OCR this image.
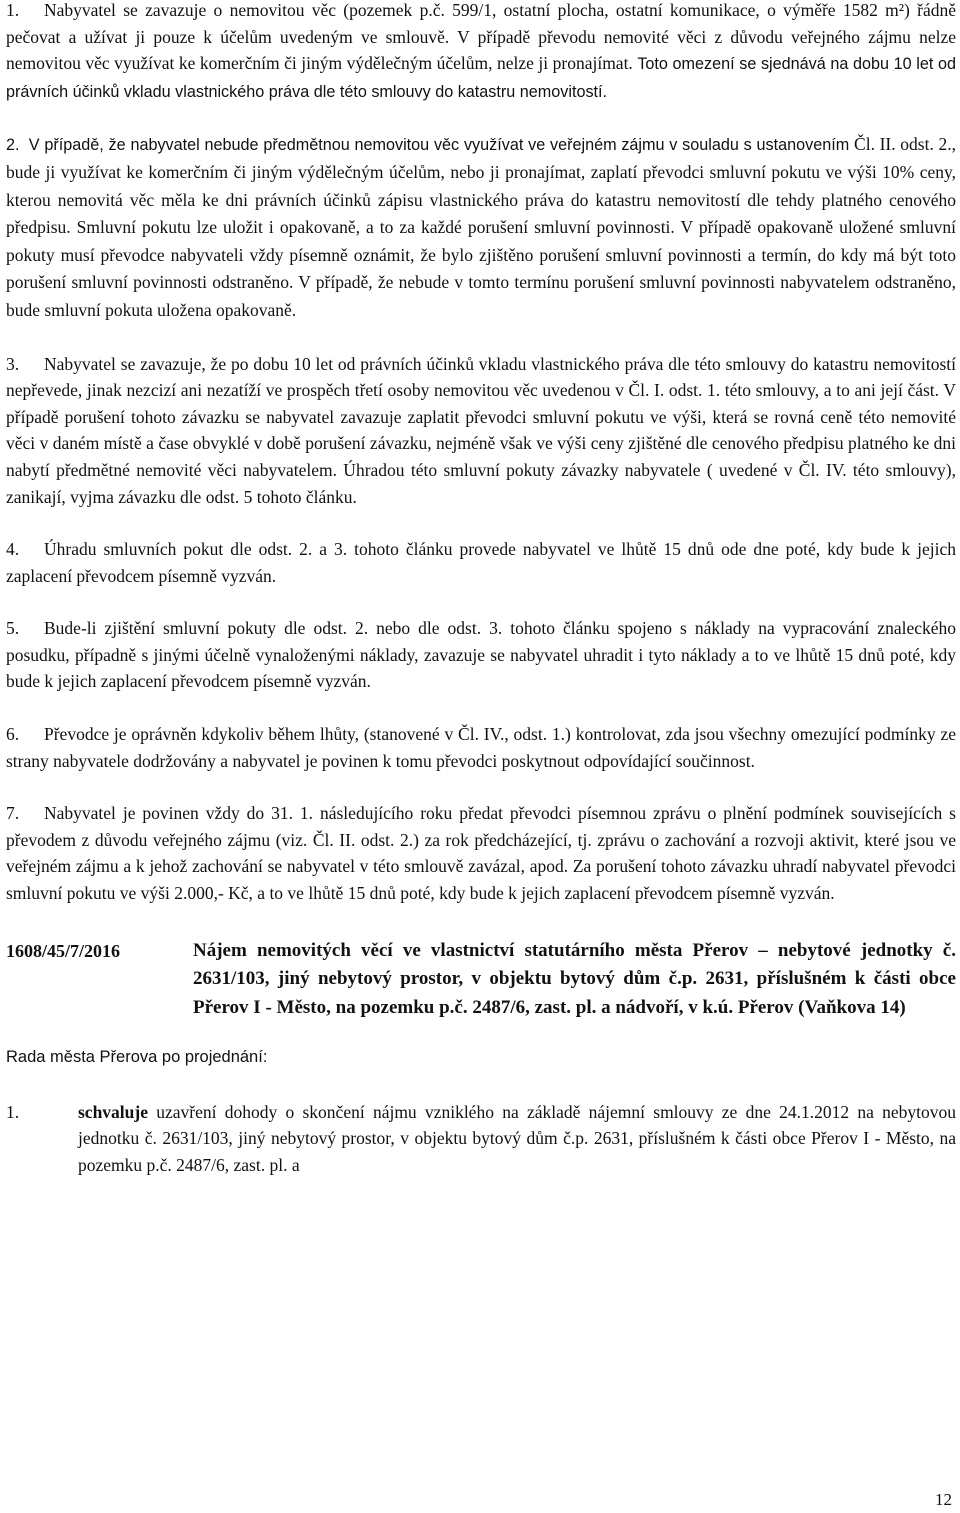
1. Nabyvatel se zavazuje o nemovitou věc (pozemek p.č. 599/1, ostatní plocha, ostatní komunikace, o výměře 1582 m²) řádně pečovat a užívat ji pouze k účelům uvedeným ve smlouvě. V případě převodu nemovité věci z důvodu veřejného zájmu nelze nemovitou věc využívat ke komerčním či jiným výdělečným účelům, nelze ji pronajímat. Toto omezení se sjednává na dobu 10 let od právních účinků vkladu vlastnického práva dle této smlouvy do katastru nemovitostí.

2. V případě, že nabyvatel nebude předmětnou nemovitou věc využívat ve veřejném zájmu v souladu s ustanovením Čl. II. odst. 2., bude ji využívat ke komerčním či jiným výdělečným účelům, nebo ji pronajímat, zaplatí převodci smluvní pokutu ve výši 10% ceny, kterou nemovitá věc měla ke dni právních účinků zápisu vlastnického práva do katastru nemovitostí dle tehdy platného cenového předpisu. Smluvní pokutu lze uložit i opakovaně, a to za každé porušení smluvní povinnosti. V případě opakovaně uložené smluvní pokuty musí převodce nabyvateli vždy písemně oznámit, že bylo zjištěno porušení smluvní povinnosti a termín, do kdy má být toto porušení smluvní povinnosti odstraněno. V případě, že nebude v tomto termínu porušení smluvní povinnosti nabyvatelem odstraněno, bude smluvní pokuta uložena opakovaně.

3. Nabyvatel se zavazuje, že po dobu 10 let od právních účinků vkladu vlastnického práva dle této smlouvy do katastru nemovitostí nepřevede, jinak nezcizí ani nezatíží ve prospěch třetí osoby nemovitou věc uvedenou v Čl. I. odst. 1. této smlouvy, a to ani její část. V případě porušení tohoto závazku se nabyvatel zavazuje zaplatit převodci smluvní pokutu ve výši, která se rovná ceně této nemovité věci v daném místě a čase obvyklé v době porušení závazku, nejméně však ve výši ceny zjištěné dle cenového předpisu platného ke dni nabytí předmětné nemovité věci nabyvatelem. Úhradou této smluvní pokuty závazky nabyvatele ( uvedené v Čl. IV. této smlouvy), zanikají, vyjma závazku dle odst. 5 tohoto článku.

4. Úhradu smluvních pokut dle odst. 2. a 3. tohoto článku provede nabyvatel ve lhůtě 15 dnů ode dne poté, kdy bude k jejich zaplacení převodcem písemně vyzván.

5. Bude-li zjištění smluvní pokuty dle odst. 2. nebo dle odst. 3. tohoto článku spojeno s náklady na vypracování znaleckého posudku, případně s jinými účelně vynaloženými náklady, zavazuje se nabyvatel uhradit i tyto náklady a to ve lhůtě 15 dnů poté, kdy bude k jejich zaplacení převodcem písemně vyzván.

6. Převodce je oprávněn kdykoliv během lhůty, (stanovené v Čl. IV., odst. 1.) kontrolovat, zda jsou všechny omezující podmínky ze strany nabyvatele dodržovány a nabyvatel je povinen k tomu převodci poskytnout odpovídající součinnost.

7. Nabyvatel je povinen vždy do 31. 1. následujícího roku předat převodci písemnou zprávu o plnění podmínek souvisejících s převodem z důvodu veřejného zájmu (viz. Čl. II. odst. 2.) za rok předcházející, tj. zprávu o zachování a rozvoji aktivit, které jsou ve veřejném zájmu a k jehož zachování se nabyvatel v této smlouvě zavázal, apod. Za porušení tohoto závazku uhradí nabyvatel převodci smluvní pokutu ve výši 2.000,- Kč, a to ve lhůtě 15 dnů poté, kdy bude k jejich zaplacení převodcem písemně vyzván.

1608/45/7/2016	Nájem nemovitých věcí ve vlastnictví statutárního města Přerov – nebytové jednotky č. 2631/103, jiný nebytový prostor, v objektu bytový dům č.p. 2631, příslušném k části obce Přerov I - Město, na pozemku p.č. 2487/6, zast. pl. a nádvoří, v k.ú. Přerov (Vaňkova 14)
Rada města Přerova po projednání:
1.	schvaluje uzavření dohody o skončení nájmu vzniklého na základě nájemní smlouvy ze dne 24.1.2012 na nebytovou jednotku č. 2631/103, jiný nebytový prostor, v objektu bytový dům č.p. 2631, příslušném k části obce Přerov I - Město, na pozemku p.č. 2487/6, zast. pl. a
12
